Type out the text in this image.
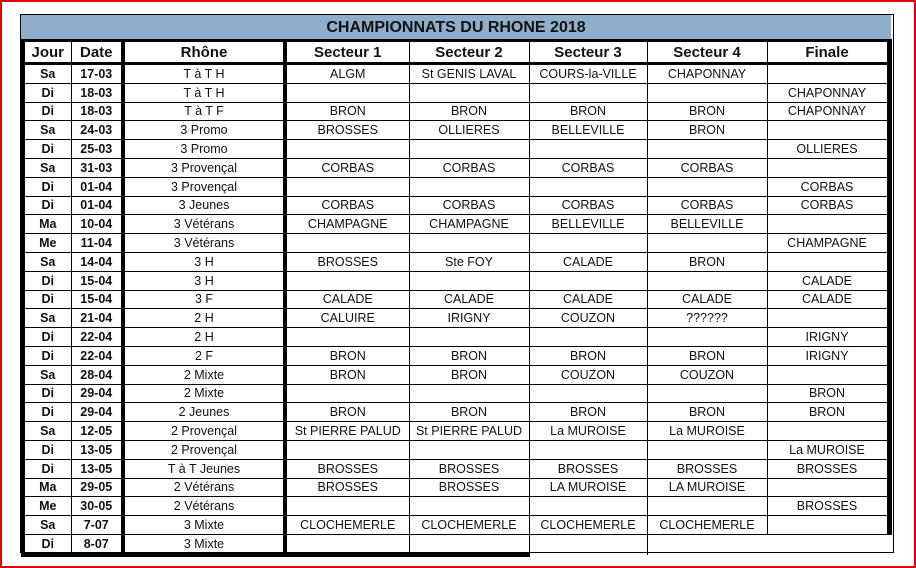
CHAMPIONNATS DU RHONE 2018
Jour	Date	Rhône	Secteur 1	Secteur 2	Secteur 3	Secteur 4	Finale
Sa	17-03	T à T H	ALGM	St GENIS LAVAL	COURS-la-VILLE	CHAPONNAY	
Di	18-03	T à T H					CHAPONNAY
Di	18-03	T à T F	BRON	BRON	BRON	BRON	CHAPONNAY
Sa	24-03	3 Promo	BROSSES	OLLIERES	BELLEVILLE	BRON	
Di	25-03	3 Promo					OLLIERES
Sa	31-03	3 Provençal	CORBAS	CORBAS	CORBAS	CORBAS	
Di	01-04	3 Provençal					CORBAS
Di	01-04	3 Jeunes	CORBAS	CORBAS	CORBAS	CORBAS	CORBAS
Ma	10-04	3 Vétérans	CHAMPAGNE	CHAMPAGNE	BELLEVILLE	BELLEVILLE	
Me	11-04	3 Vétérans					CHAMPAGNE
Sa	14-04	3 H	BROSSES	Ste FOY	CALADE	BRON	
Di	15-04	3 H					CALADE
Di	15-04	3 F	CALADE	CALADE	CALADE	CALADE	CALADE
Sa	21-04	2 H	CALUIRE	IRIGNY	COUZON	??????	
Di	22-04	2 H					IRIGNY
Di	22-04	2 F	BRON	BRON	BRON	BRON	IRIGNY
Sa	28-04	2 Mixte	BRON	BRON	COUZON	COUZON	
Di	29-04	2 Mixte					BRON
Di	29-04	2 Jeunes	BRON	BRON	BRON	BRON	BRON
Sa	12-05	2 Provençal	St PIERRE PALUD	St PIERRE PALUD	La MUROISE	La MUROISE	
Di	13-05	2 Provençal					La MUROISE
Di	13-05	T à T Jeunes	BROSSES	BROSSES	BROSSES	BROSSES	BROSSES
Ma	29-05	2 Vétérans	BROSSES	BROSSES	LA MUROISE	LA MUROISE	
Me	30-05	2 Vétérans					BROSSES
Sa	7-07	3 Mixte	CLOCHEMERLE	CLOCHEMERLE	CLOCHEMERLE	CLOCHEMERLE	
Di	8-07	3 Mixte					
